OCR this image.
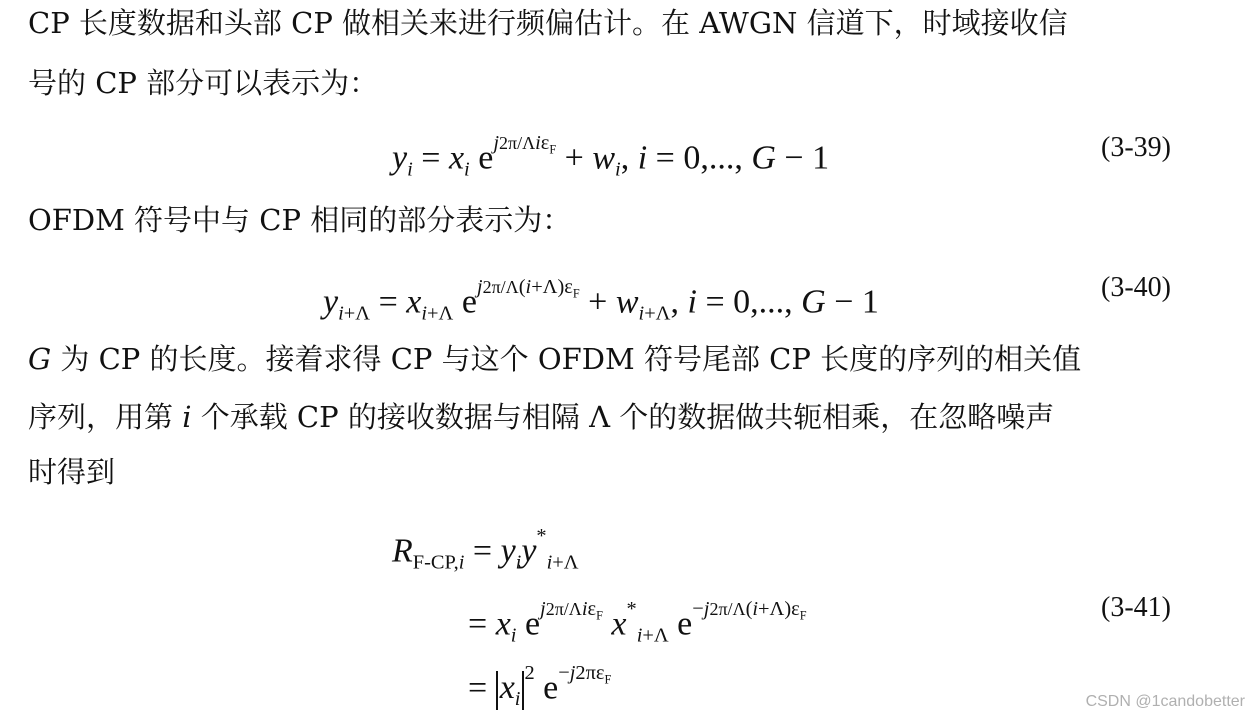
CP 长度数据和头部 CP 做相关来进行频偏估计。在 AWGN 信道下，时域接收信
号的 CP 部分可以表示为：
$y_i = x_i$ $e^{j2\pi/\Lambda i\varepsilon_F} + w_i$, i = 0,..., G − 1	(3-39)
OFDM 符号中与 CP 相同的部分表示为：
$y_{i+\Lambda} = x_{i+\Lambda}$ $e^{j2\pi/\Lambda(i+\Lambda)\varepsilon_F} + w_{i+\Lambda}$, i = 0,..., G − 1	(3-40)
G 为 CP 的长度。接着求得 CP 与这个 OFDM 符号尾部 CP 长度的序列的相关值
序列，用第 i 个承载 CP 的接收数据与相隔 Λ 个的数据做共轭相乘，在忽略噪声
时得到
$R_{F-CP,i} = y_iy^*_{i+\Lambda}$
= $x_i$ $e^{j2\pi/\Lambda i\varepsilon_F}$ $x^*_{i+\Lambda}$ $e^{-j2\pi/\Lambda(i+\Lambda)\varepsilon_F}$	(3-41)
= $x_i^2$ $e^{-j2\pi\varepsilon_F}$
CSDN @1candobetter
